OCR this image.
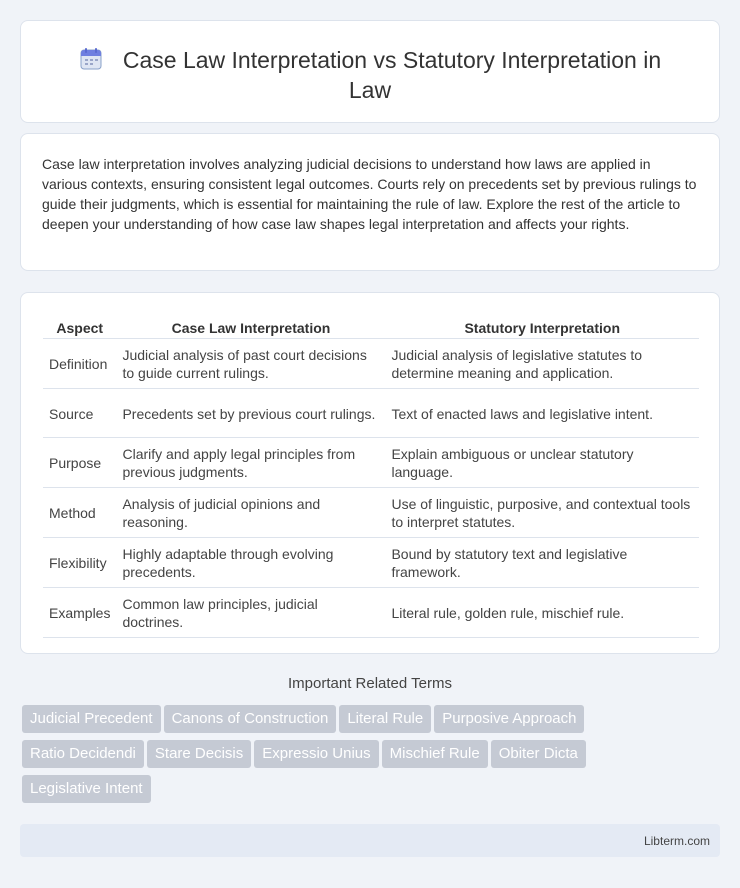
Case Law Interpretation vs Statutory Interpretation in
Law

Case law interpretation involves analyzing judicial decisions to understand how laws are applied in various contexts, ensuring consistent legal outcomes. Courts rely on precedents set by previous rulings to guide their judgments, which is essential for maintaining the rule of law. Explore the rest of the article to deepen your understanding of how case law shapes legal interpretation and affects your rights.

Aspect	Case Law Interpretation	Statutory Interpretation
Definition	Judicial analysis of past court decisions to guide current rulings.	Judicial analysis of legislative statutes to determine meaning and application.
Source	Precedents set by previous court rulings.	Text of enacted laws and legislative intent.
Purpose	Clarify and apply legal principles from previous judgments.	Explain ambiguous or unclear statutory language.
Method	Analysis of judicial opinions and reasoning.	Use of linguistic, purposive, and contextual tools to interpret statutes.
Flexibility	Highly adaptable through evolving precedents.	Bound by statutory text and legislative framework.
Examples	Common law principles, judicial doctrines.	Literal rule, golden rule, mischief rule.
Important Related Terms
Judicial Precedent Canons of Construction Literal Rule Purposive Approach
Ratio Decidendi Stare Decisis Expressio Unius Mischief Rule Obiter Dicta
Legislative Intent
Libterm.com
